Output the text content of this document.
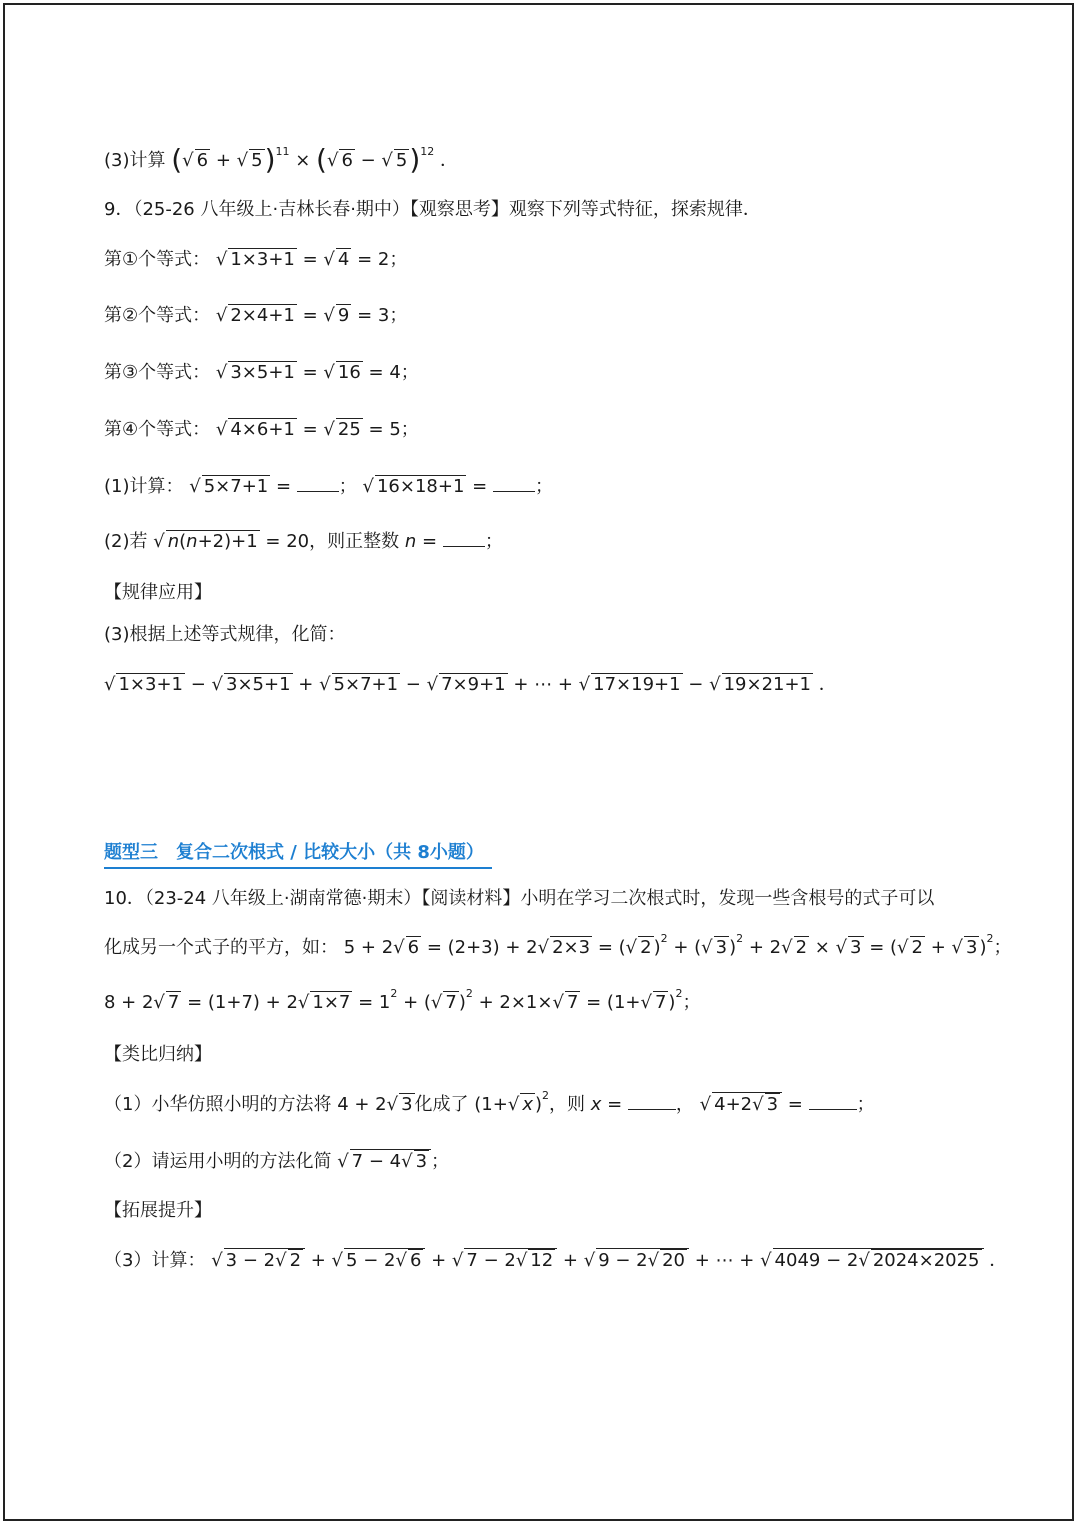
(3)计算 (√ 6 + √ 5)$^{11}$ × (√ 6 − √ 5)$^{12}$ ．
9．（25-26 八年级上·吉林长春·期中）【观察思考】观察下列等式特征，探索规律．
第①个等式： √ 1×3+1 = √ 4 = 2；
第②个等式： √ 2×4+1 = √ 9 = 3；
第③个等式： √ 3×5+1 = √ 16 = 4；
第④个等式： √ 4×6+1 = √ 25 = 5；
(1)计算： √ 5×7+1 = ； √ 16×18+1 = ；
(2)若 √ n(n+2)+1 = 20，则正整数 n = ；
【规律应用】
(3)根据上述等式规律，化简：
√ 1×3+1 − √ 3×5+1 + √ 5×7+1 − √ 7×9+1 + ⋯ + √ 17×19+1 − √ 19×21+1 ．
题型三　复合二次根式 / 比较大小（共 8小题）
10．（23-24 八年级上·湖南常德·期末）【阅读材料】小明在学习二次根式时，发现一些含根号的式子可以
化成另一个式子的平方，如： 5 + 2√ 6 = (2+3) + 2√ 2×3 = (√ 2 )$^2$ + (√ 3 )$^2$ + 2√ 2 × √ 3 = (√ 2 + √ 3 )$^2$；
8 + 2√ 7 = (1+7) + 2√ $1\times 7 = 1^2$ + (√ 7 )$^2$ + 2×1×√ 7 = (1+√ 7 )$^2$；
【类比归纳】
（1）小华仿照小明的方法将 4 + 2√ 3 化成了 (1+√ x )$^2$，则 x =	， √ 4+2√ 3 =	；
（2）请运用小明的方法化简 √ 7 − 4√ 3 ；
【拓展提升】
（3）计算： √ 3 − 2√ 2 + √ 5 − 2√ 6 + √ 7 − 2√ 12 + √ 9 − 2√ 20 + ⋯ + √ 4049 − 2√ 2024×2025 ．
